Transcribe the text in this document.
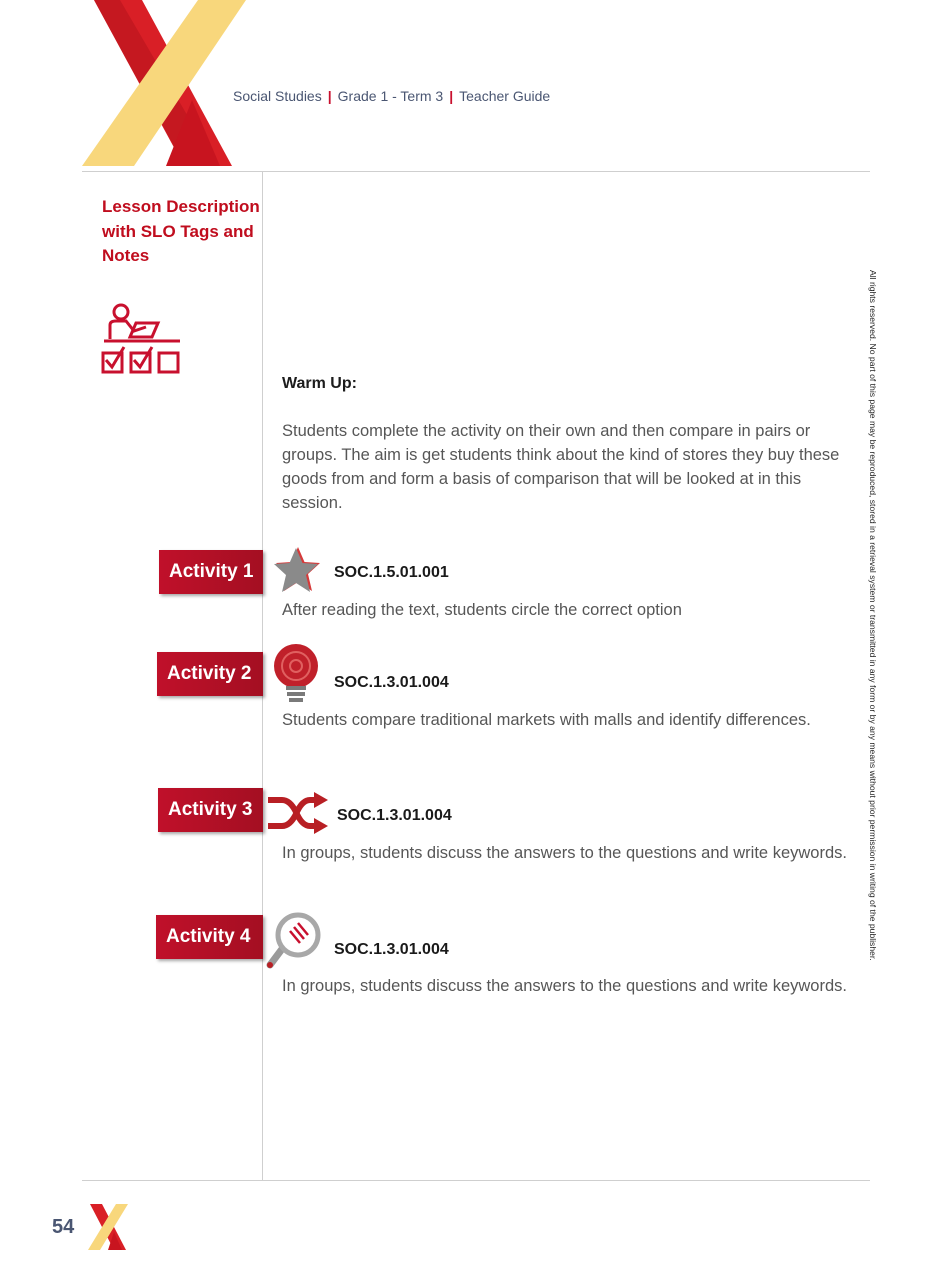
Social Studies | Grade 1 - Term 3 | Teacher Guide
Lesson Description with SLO Tags and Notes
Warm Up:
Students complete the activity on their own and then compare in pairs or groups. The aim is get students think about the kind of stores they buy these goods from and form a basis of comparison that will be looked at in this session.
Activity 1	SOC.1.5.01.001
After reading the text, students circle the correct option
Activity 2	SOC.1.3.01.004
Students compare traditional markets with malls and identify differences.
Activity 3	SOC.1.3.01.004
In groups, students discuss the answers to the questions and write keywords.
Activity 4
SOC.1.3.01.004
In groups, students discuss the answers to the questions and write keywords.
All rights reserved. No part of this page may be reproduced, stored in a retrieval system or transmitted in any form or by any means without prior permission in writing of the publisher.
54
